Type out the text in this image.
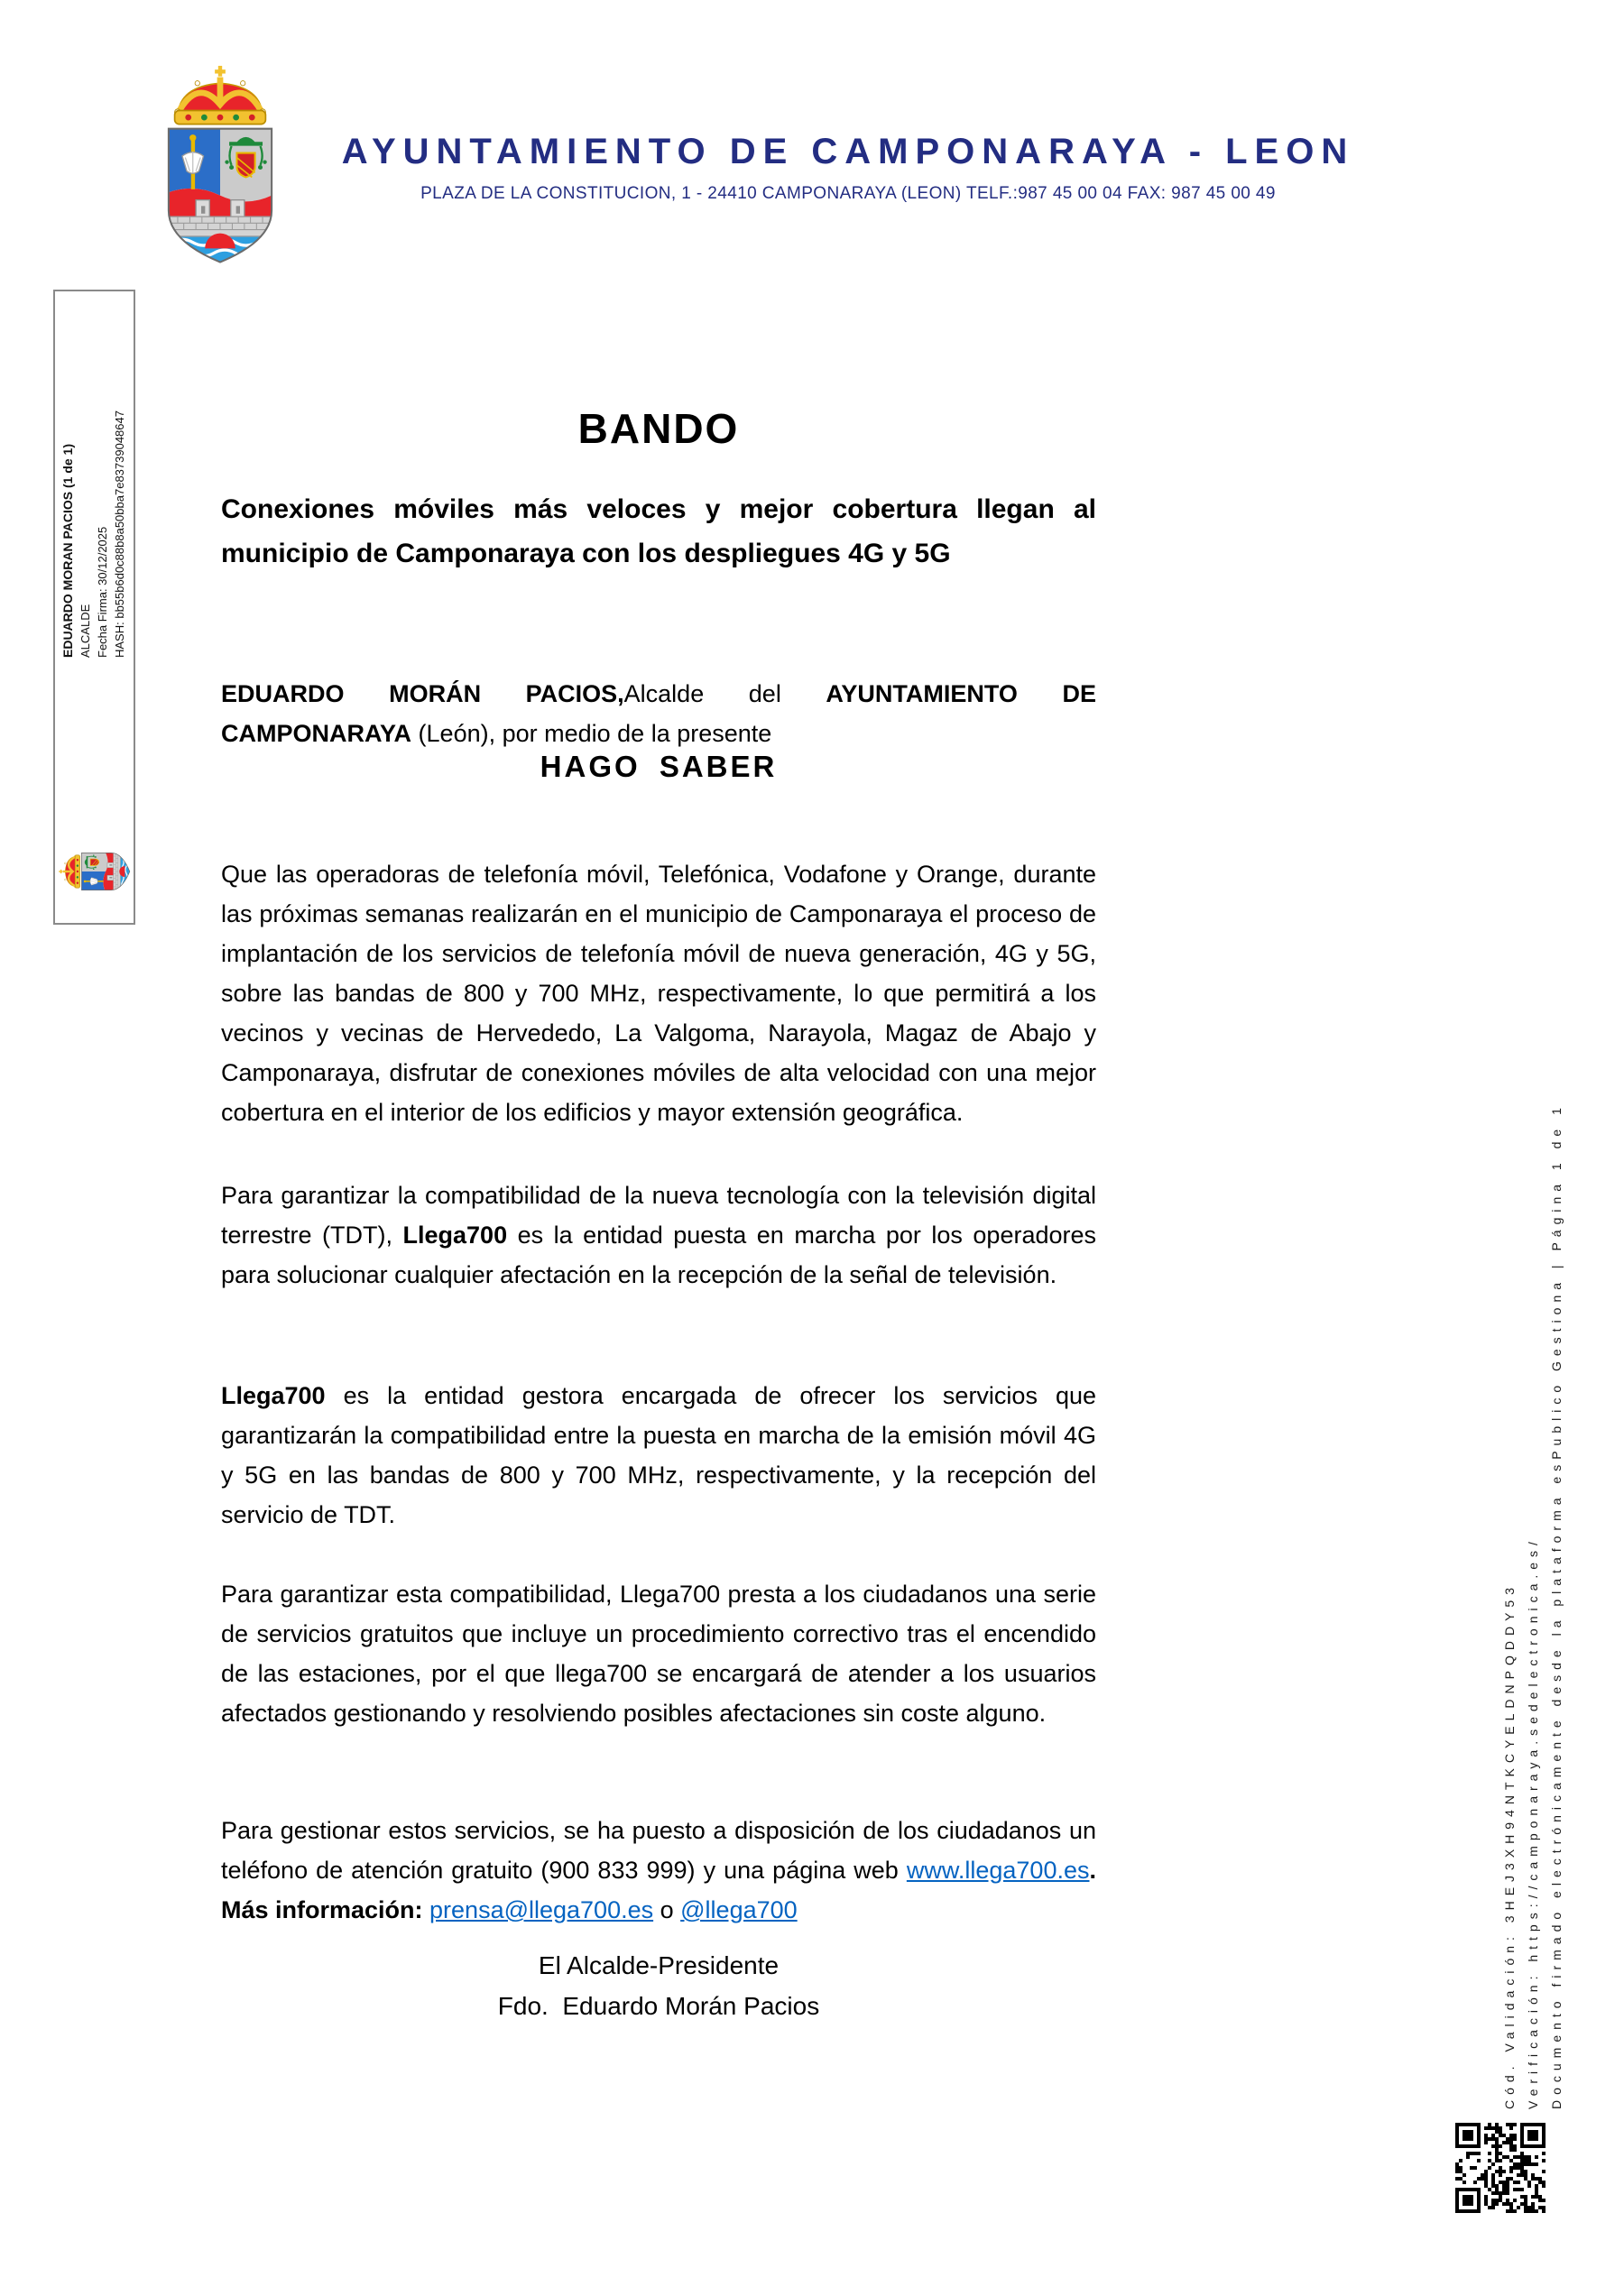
AYUNTAMIENTO DE CAMPONARAYA - LEON
PLAZA DE LA CONSTITUCION, 1 - 24410 CAMPONARAYA (LEON) TELF.:987 45 00 04 FAX: 987 45 00 49
EDUARDO MORAN PACIOS (1 de 1) ALCALDE Fecha Firma: 30/12/2025 HASH: bb55b6d0c88b8a50bba7e83739048647	BANDO
Conexiones móviles más veloces y mejor cobertura llegan al municipio de Camponaraya con los despliegues 4G y 5G

EDUARDO MORÁN PACIOS,Alcalde del AYUNTAMIENTO DE CAMPONARAYA (León), por medio de la presente

HAGO SABER

Que las operadoras de telefonía móvil, Telefónica, Vodafone y Orange, durante las próximas semanas realizarán en el municipio de Camponaraya el proceso de implantación de los servicios de telefonía móvil de nueva generación, 4G y 5G, sobre las bandas de 800 y 700 MHz, respectivamente, lo que permitirá a los vecinos y vecinas de Hervededo, La Valgoma, Narayola, Magaz de Abajo y Camponaraya, disfrutar de conexiones móviles de alta velocidad con una mejor cobertura en el interior de los edificios y mayor extensión geográfica.

Para garantizar la compatibilidad de la nueva tecnología con la televisión digital terrestre (TDT), Llega700 es la entidad puesta en marcha por los operadores para solucionar cualquier afectación en la recepción de la señal de televisión.

Llega700 es la entidad gestora encargada de ofrecer los servicios que garantizarán la compatibilidad entre la puesta en marcha de la emisión móvil 4G y 5G en las bandas de 800 y 700 MHz, respectivamente, y la recepción del servicio de TDT.

Para garantizar esta compatibilidad, Llega700 presta a los ciudadanos una serie de servicios gratuitos que incluye un procedimiento correctivo tras el encendido de las estaciones, por el que llega700 se encargará de atender a los usuarios afectados gestionando y resolviendo posibles afectaciones sin coste alguno.

Para gestionar estos servicios, se ha puesto a disposición de los ciudadanos un teléfono de atención gratuito (900 833 999) y una página web www.llega700.es. Más información: prensa@llega700.es o @llega700

El Alcalde-Presidente
Fdo.  Eduardo Morán Pacios	Cód. Validación: 3HEJ3XH94NTKCYELDNPQDDY53 Verificación: https://camponaraya.sedelectronica.es/ Documento firmado electrónicamente desde la plataforma esPublico Gestiona | Página 1 de 1
